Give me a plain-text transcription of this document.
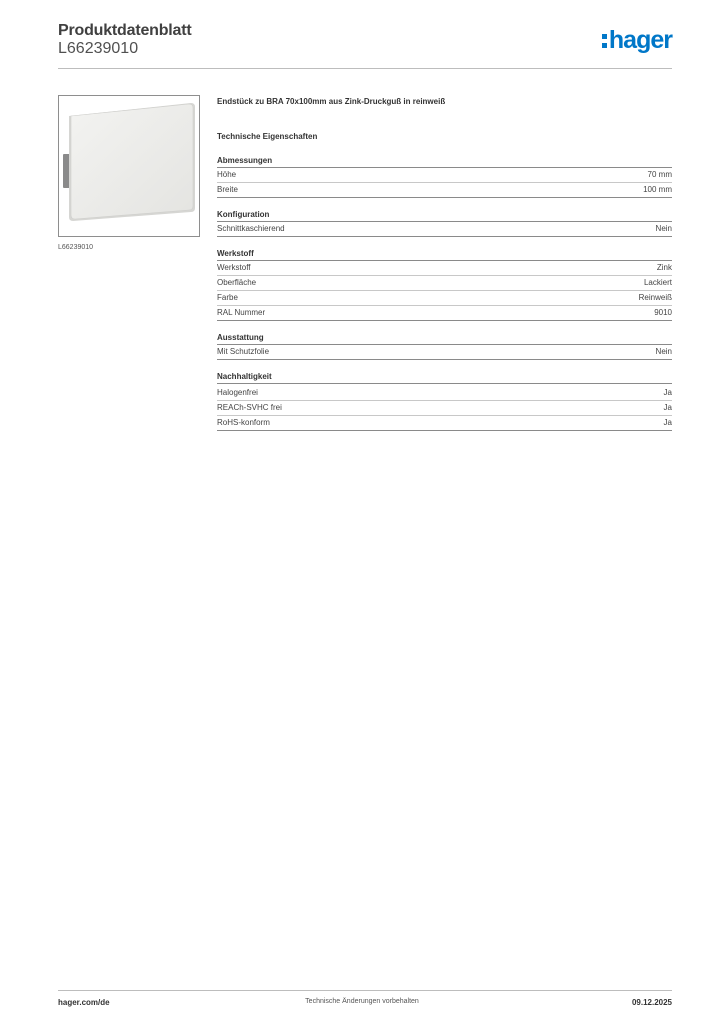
Produktdatenblatt
L66239010	hager
L66239010
Endstück zu BRA 70x100mm aus Zink-Druckguß in reinweiß
Technische Eigenschaften
Abmessungen
Höhe	70 mm
Breite	100 mm
Konfiguration
Schnittkaschierend	Nein
Werkstoff
Werkstoff	Zink
Oberfläche	Lackiert
Farbe	Reinweiß
RAL Nummer	9010
Ausstattung
Mit Schutzfolie	Nein
Nachhaltigkeit
Halogenfrei	Ja
REACh-SVHC frei	Ja
RoHS-konform	Ja
hager.com/de	Technische Änderungen vorbehalten	09.12.2025
